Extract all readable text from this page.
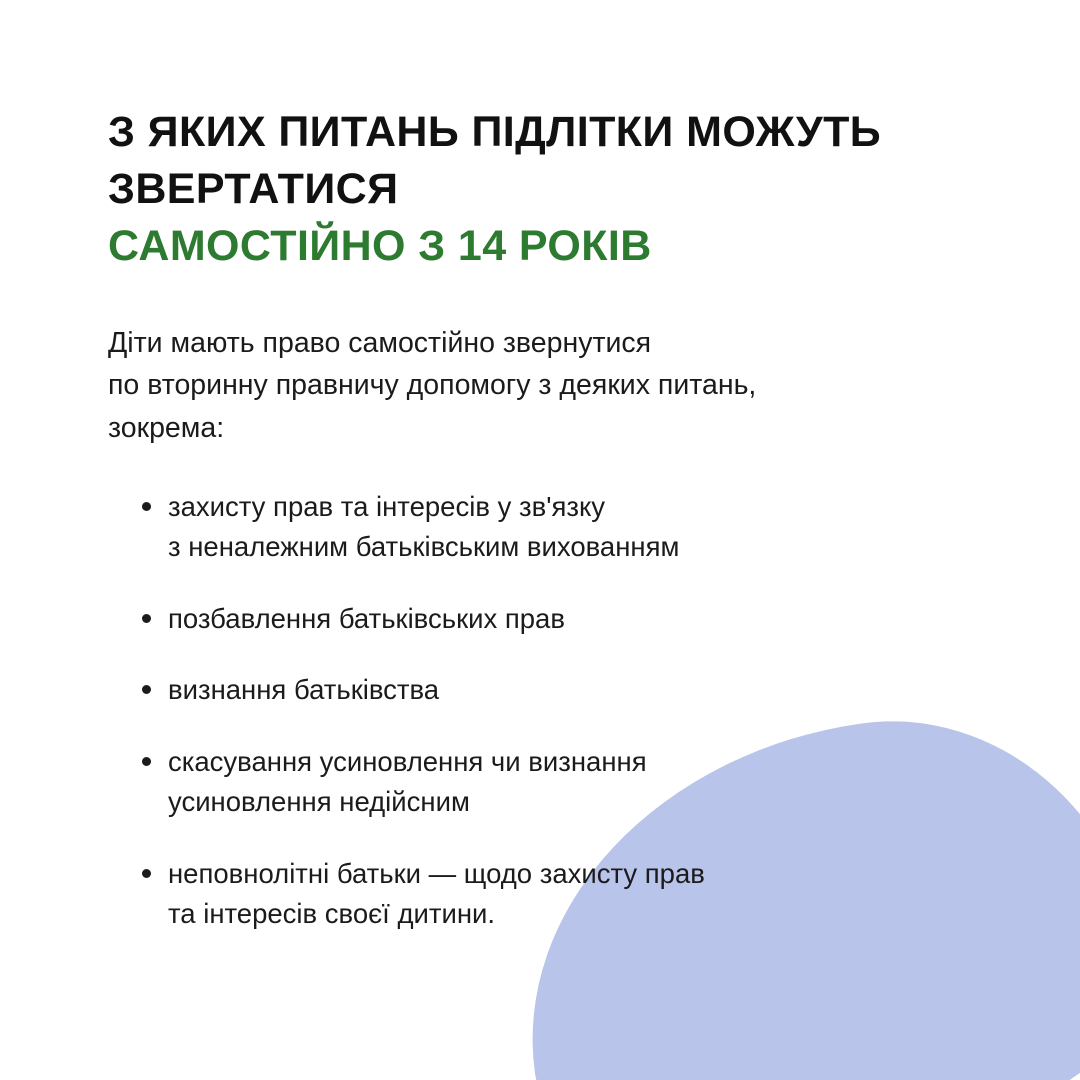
З ЯКИХ ПИТАНЬ ПІДЛІТКИ МОЖУТЬ ЗВЕРТАТИСЯ
САМОСТІЙНО З 14 РОКІВ

Діти мають право самостійно звернутися
по вторинну правничу допомогу з деяких питань,
зокрема:

захисту прав та інтересів у зв'язку
з неналежним батьківським вихованням
позбавлення батьківських прав
визнання батьківства
скасування усиновлення чи визнання
усиновлення недійсним
неповнолітні батьки — щодо захисту прав
та інтересів своєї дитини.
